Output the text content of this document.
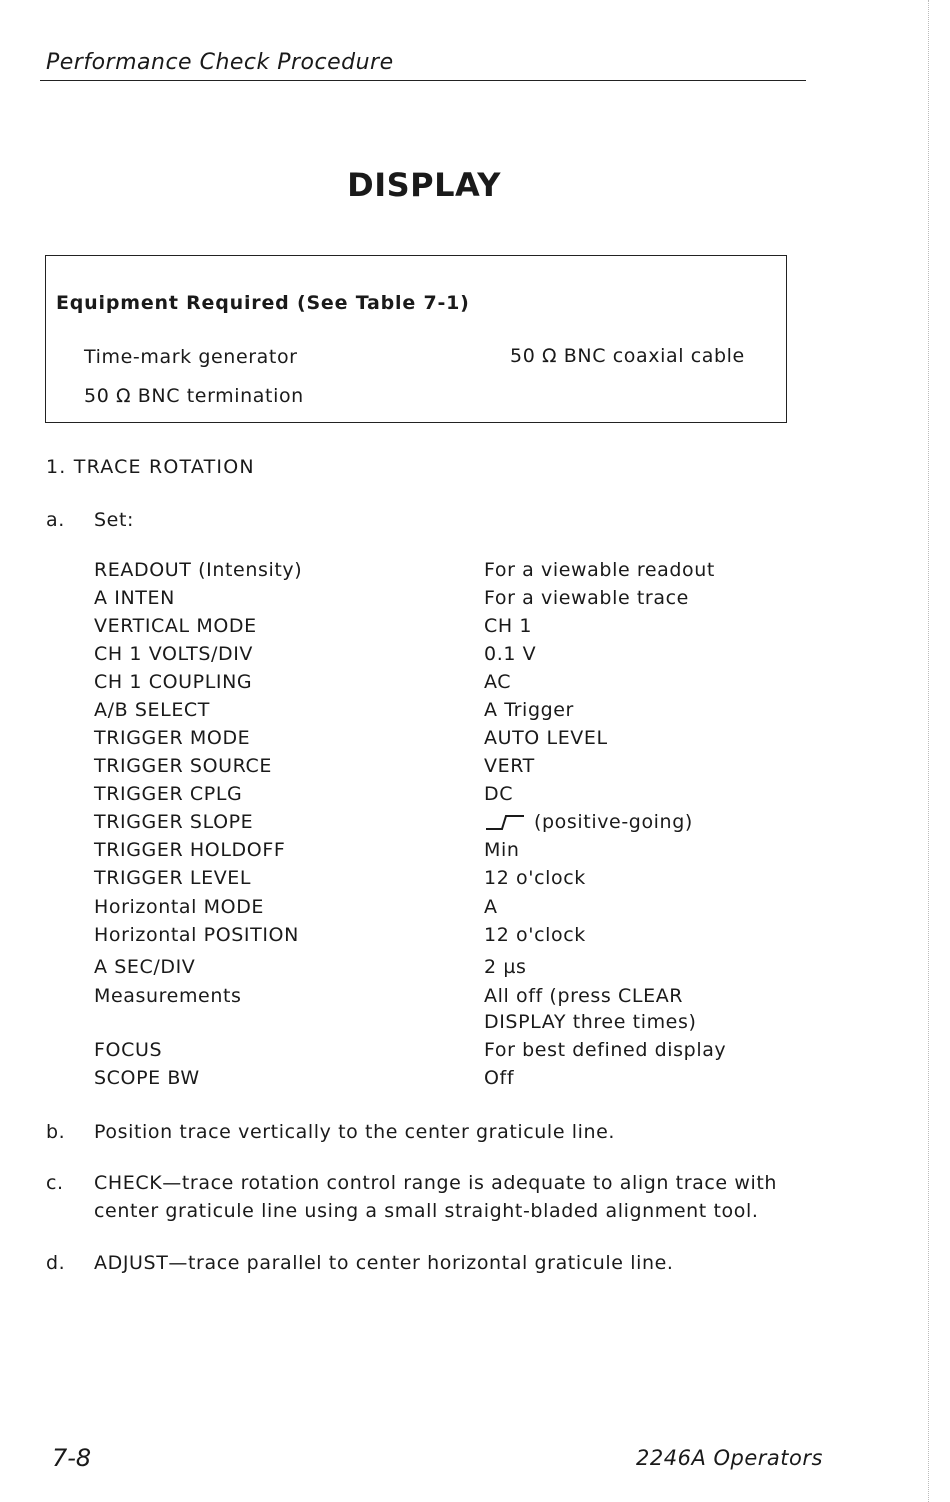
Performance Check Procedure
DISPLAY
Equipment Required (See Table 7-1)
Time-mark generator	50 Ω BNC coaxial cable
50 Ω BNC termination
1. TRACE ROTATION
a. Set:
READOUT (Intensity)	For a viewable readout
A INTEN	For a viewable trace
VERTICAL MODE	CH 1
CH 1 VOLTS/DIV	0.1 V
CH 1 COUPLING	AC
A/B SELECT	A Trigger
TRIGGER MODE	AUTO LEVEL
TRIGGER SOURCE	VERT
TRIGGER CPLG	DC
TRIGGER SLOPE	(positive-going)
TRIGGER HOLDOFF	Min
TRIGGER LEVEL	12 o'clock
Horizontal MODE	A
Horizontal POSITION	12 o'clock
A SEC/DIV	2 µs
Measurements	All off (press CLEAR DISPLAY three times)
FOCUS	For best defined display
SCOPE BW	Off
b. Position trace vertically to the center graticule line.
c. CHECK—trace rotation control range is adequate to align trace with center graticule line using a small straight-bladed alignment tool.
d. ADJUST—trace parallel to center horizontal graticule line.
7-8	2246A Operators
